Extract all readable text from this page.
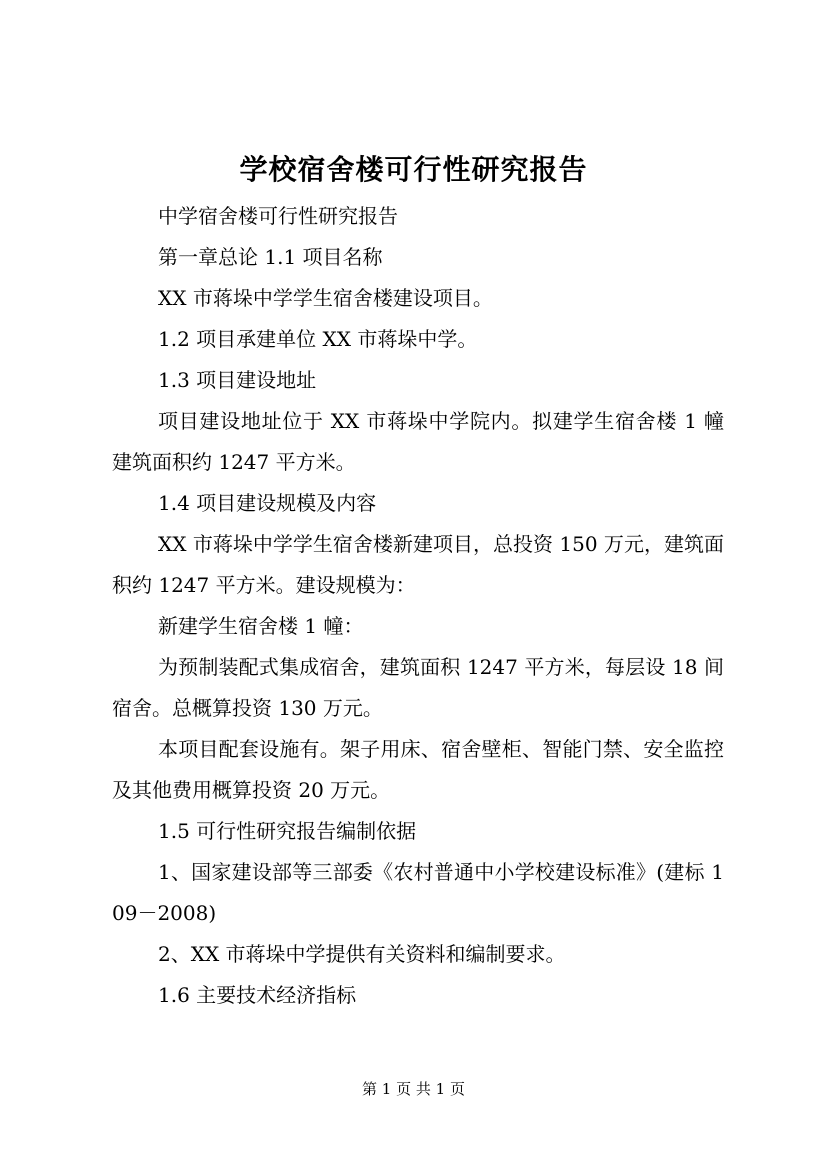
学校宿舍楼可行性研究报告

中学宿舍楼可行性研究报告

第一章总论 1.1 项目名称

XX 市蒋垛中学学生宿舍楼建设项目。

1.2 项目承建单位 XX 市蒋垛中学。

1.3 项目建设地址

项目建设地址位于 XX 市蒋垛中学院内。拟建学生宿舍楼 1 幢建筑面积约 1247 平方米。

1.4 项目建设规模及内容

XX 市蒋垛中学学生宿舍楼新建项目，总投资 150 万元，建筑面积约 1247 平方米。建设规模为：

新建学生宿舍楼 1 幢：

为预制装配式集成宿舍，建筑面积 1247 平方米，每层设 18 间宿舍。总概算投资 130 万元。

本项目配套设施有。架子用床、宿舍壁柜、智能门禁、安全监控及其他费用概算投资 20 万元。

1.5 可行性研究报告编制依据

1、国家建设部等三部委《农村普通中小学校建设标准》(建标 109－2008)

2、XX 市蒋垛中学提供有关资料和编制要求。

1.6 主要技术经济指标

第 1 页 共 1 页
